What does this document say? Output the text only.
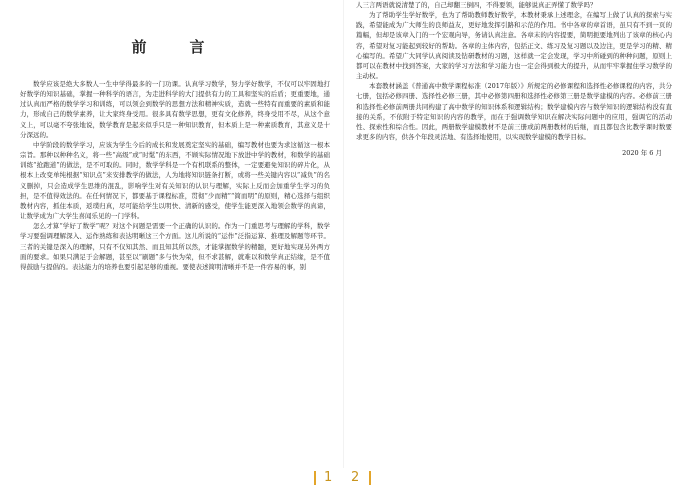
前　言

数学应该是绝大多数人一生中学得最多的一门功课。认真学习数学，努力学好数学，不仅可以牢固地打好数学的知识基础，掌握一种科学的语言，为走进科学的大门提供有力的工具和坚实的后盾；更重要地，通过认真而严格的数学学习和训练，可以领会到数学的思想方法和精神实质，造就一些特有而重要的素质和能力，形成自己的数学素养，让大家终身受用。很多具有数学思想，更有文化修养，终身受用不尽，从这个意义上，可以毫不夸张地说，数学教育是起来似乎只是一种知识教育，但本质上是一种素质教育，其意义是十分深远的。

中学阶段的数学学习，应该为学生今后的成长和发展奠定坚实的基础，编写教材也要为求这循这一根本宗旨。那种以种种名义，将一些“高级”或“时髦”的东西，不顾实际情况地下放进中学的教材，和数学的基础训练“抢跑道”的做法，是不可取的。同时，数学学科是一个有机联系的整体，一定要避免知识的碎片化，从根本上改变单纯根据“知识点”来安排教学的做法，人为地将知识链条打断，或将一些关键内容以“减负”的名义删掉，只会造成学生思维的混乱，影响学生对有关知识的认识与理解，实际上反而会加重学生学习的负担，是不值得效法的。在任何情况下，都要基于课程标准，贯彻“少而精”“简而明”的原则，精心选择与组织教材内容，抓住本质，返璞归真，尽可能给学生以明快、清新的感受，使学生能更深入地领会数学的真谛，让数学成为广大学生喜闻乐见的一门学科。

怎么才算“学好了数学”呢？对这个问题是需要一个正确的认识的。作为一门重思考与理解的学科，数学学习要强调理解深入、运作熟练和表达明晰这三个方面。这儿所说的“运作”泛指运算、推理及解题等环节。三者的关键是深入的理解，只有不仅知其然、而且知其所以然，才能掌握数学的精髓，更好地实现另外两方面的要求。如果只满足于会解题，甚至以“刷题”多与快为荣，但不求甚解，就难以和数学真正结缘，是不值得鼓励与提倡的。表达能力的培养也要引起足够的重视。要使表述简明清晰并不是一件容易的事，别

人三言两语就说清楚了的，自己却翻三倒四，不得要领，能够说真正弄懂了数学吗？

为了帮助学生学好数学，也为了帮助教师教好数学，本教材秉承上述理念，在编写上做了认真的探索与实践，希望能成为广大师生的良师益友，更好地发挥引路和示范的作用。书中各章的章首语，虽只有不到一页的篇幅，但却是该章入门的一个宏观向导，务请认真注意。各章末的内容提要，简明扼要地列出了该章的核心内容，希望对复习能起到较好的帮助。各章的主体内容，包括正文、练习及复习题以及边注，更是学习的精、精心编写的。希望广大同学认真阅读及钻研教材的习题，这样就一定会发现，学习中所碰到的种种问题，原则上都可以在教材中找到答案，大家的学习方法和学习能力也一定会得到极大的提升，从而牢牢掌握住学习数学的主动权。

本套教材涵盖《普通高中数学课程标准（2017年版）》所规定的必修课程和选择性必修课程的内容，共分七册，包括必修四册、选择性必修三册，其中必修第四册和选择性必修第三册是数学建模的内容。必修前三册和选择性必修前两册共同构建了高中数学的知识体系和逻辑结构；数学建模内容与数学知识的逻辑结构没有直接的关系，不依附于特定知识的内容的教学，而在于强调数学知识在解决实际问题中的应用，强调它的活动性、探索性和综合性。因此，两册数学建模教材不是前三册或前两册教材的后继，而且都包含比教学课时数要求更多的内容，供各个年段灵活地、有选择地使用，以实现数学建模的教学目标。

2020 年 6 月
1 2
